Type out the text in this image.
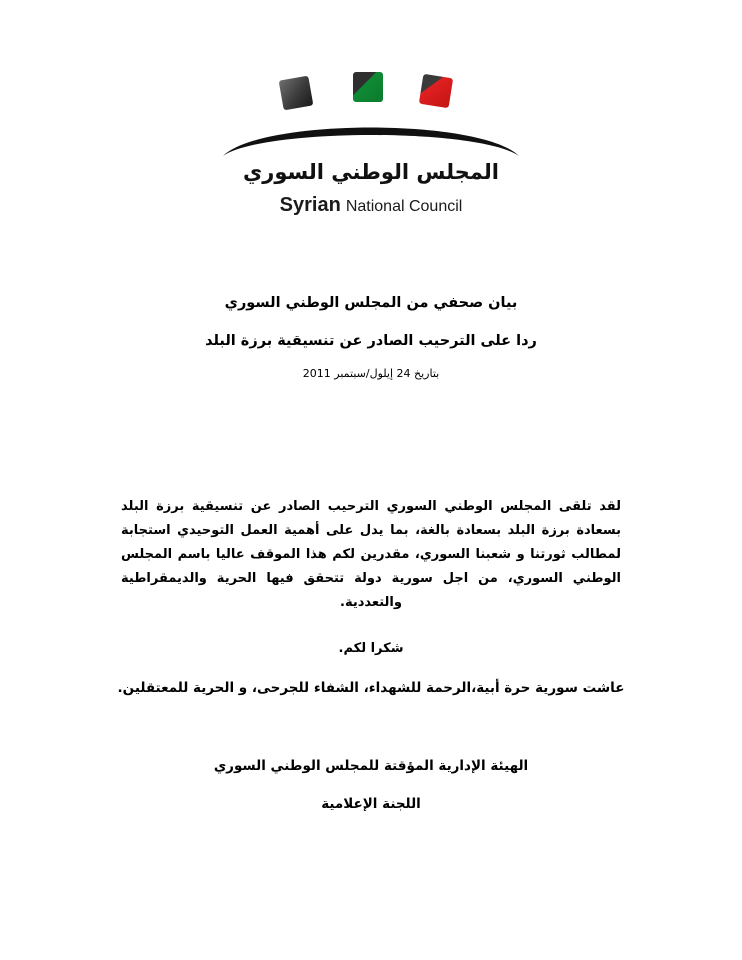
المجلس الوطني السوري
Syrian National Council
بيان صحفي من المجلس الوطني السوري
ردا على الترحيب الصادر عن تنسيقية برزة البلد
بتاريخ 24 إيلول/سبتمبر 2011
لقد تلقى المجلس الوطني السوري الترحيب الصادر عن تنسيقية برزة البلد بسعادة برزة البلد بسعادة بالغة، بما يدل على أهمية العمل التوحيدي استجابة لمطالب ثورتنا و شعبنا السوري، مقدرين لكم هذا الموقف عاليا باسم المجلس الوطني السوري، من اجل سورية دولة تتحقق فيها الحرية والديمقراطية والتعددية.
شكرا لكم.
عاشت سورية حرة أبية،الرحمة للشهداء، الشفاء للجرحى، و الحرية للمعتقلين.
الهيئة الإدارية المؤقتة للمجلس الوطني السوري
اللجنة الإعلامية
